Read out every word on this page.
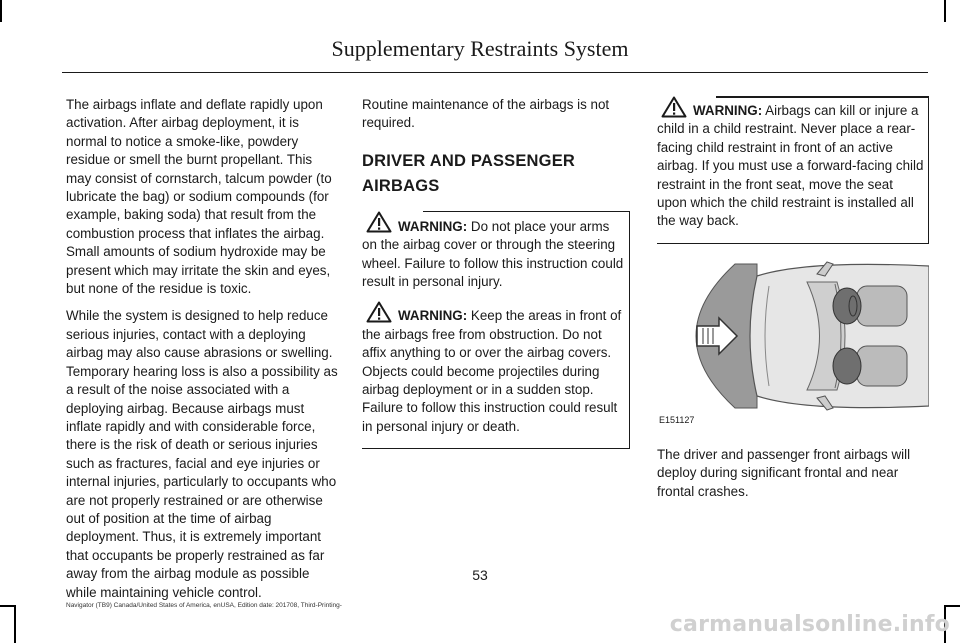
Supplementary Restraints System

The airbags inflate and deflate rapidly upon activation. After airbag deployment, it is normal to notice a smoke-like, powdery residue or smell the burnt propellant. This may consist of cornstarch, talcum powder (to lubricate the bag) or sodium compounds (for example, baking soda) that result from the combustion process that inflates the airbag. Small amounts of sodium hydroxide may be present which may irritate the skin and eyes, but none of the residue is toxic.

While the system is designed to help reduce serious injuries, contact with a deploying airbag may also cause abrasions or swelling. Temporary hearing loss is also a possibility as a result of the noise associated with a deploying airbag. Because airbags must inflate rapidly and with considerable force, there is the risk of death or serious injuries such as fractures, facial and eye injuries or internal injuries, particularly to occupants who are not properly restrained or are otherwise out of position at the time of airbag deployment. Thus, it is extremely important that occupants be properly restrained as far away from the airbag module as possible while maintaining vehicle control.

Routine maintenance of the airbags is not required.

DRIVER AND PASSENGER AIRBAGS
WARNING: Do not place your arms on the airbag cover or through the steering wheel. Failure to follow this instruction could result in personal injury.
WARNING: Keep the areas in front of the airbags free from obstruction. Do not affix anything to or over the airbag covers. Objects could become projectiles during airbag deployment or in a sudden stop. Failure to follow this instruction could result in personal injury or death.
WARNING: Airbags can kill or injure a child in a child restraint. Never place a rear-facing child restraint in front of an active airbag. If you must use a forward-facing child restraint in the front seat, move the seat upon which the child restraint is installed all the way back.
E151127

The driver and passenger front airbags will deploy during significant frontal and near frontal crashes.

53
Navigator (TB9) Canada/United States of America, enUSA, Edition date: 201708, Third-Printing-
carmanualsonline.info
